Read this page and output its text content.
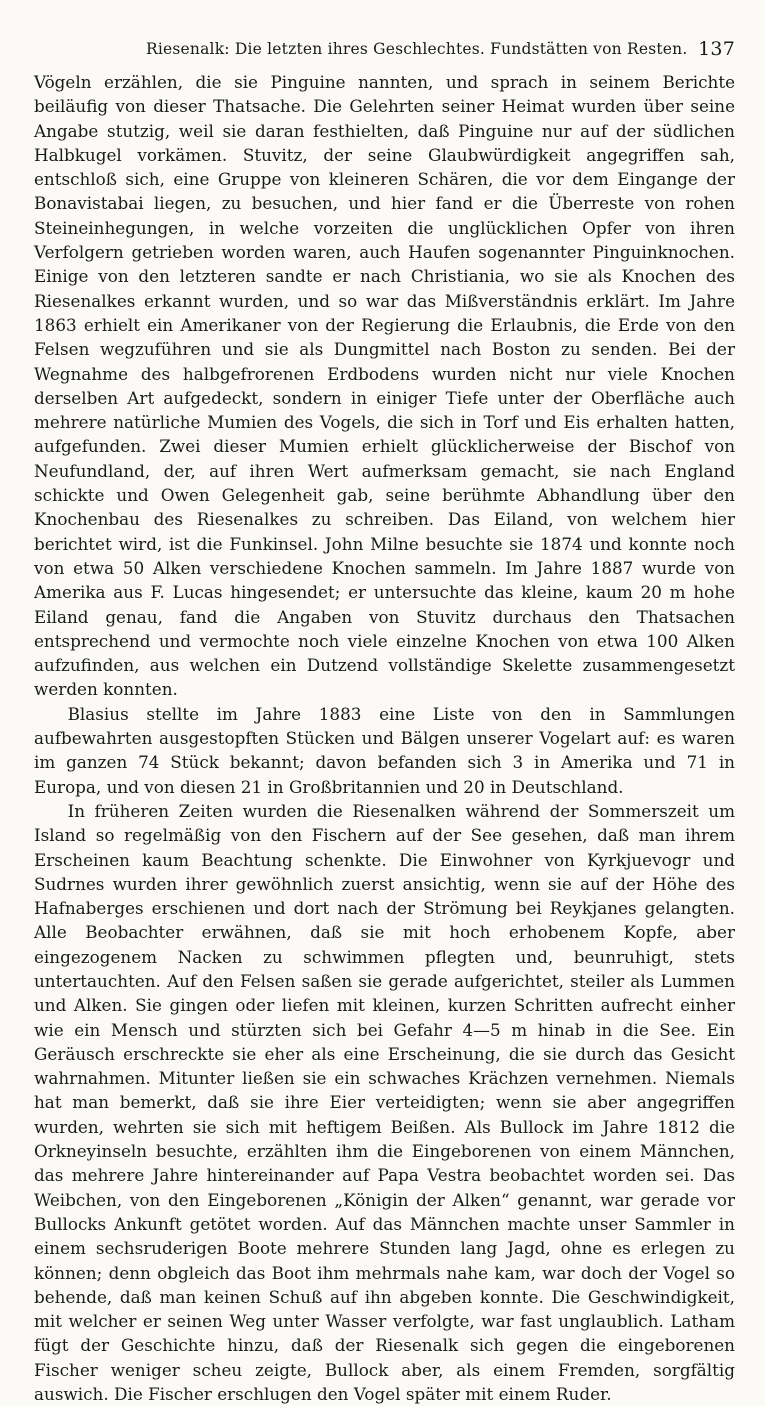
Riesenalk: Die letzten ihres Geschlechtes. Fundstätten von Resten. 137

Vögeln erzählen, die sie Pinguine nannten, und sprach in seinem Berichte beiläufig von dieser Thatsache. Die Gelehrten seiner Heimat wurden über seine Angabe stutzig, weil sie daran festhielten, daß Pinguine nur auf der südlichen Halbkugel vorkämen. Stuvitz, der seine Glaubwürdigkeit angegriffen sah, entschloß sich, eine Gruppe von kleineren Schären, die vor dem Eingange der Bonavistabai liegen, zu besuchen, und hier fand er die Überreste von rohen Steineinhegungen, in welche vorzeiten die unglücklichen Opfer von ihren Verfolgern getrieben worden waren, auch Haufen sogenannter Pinguinknochen. Einige von den letzteren sandte er nach Christiania, wo sie als Knochen des Riesenalkes erkannt wurden, und so war das Mißverständnis erklärt. Im Jahre 1863 erhielt ein Amerikaner von der Regierung die Erlaubnis, die Erde von den Felsen wegzuführen und sie als Dungmittel nach Boston zu senden. Bei der Wegnahme des halbgefrorenen Erdbodens wurden nicht nur viele Knochen derselben Art aufgedeckt, sondern in einiger Tiefe unter der Oberfläche auch mehrere natürliche Mumien des Vogels, die sich in Torf und Eis erhalten hatten, aufgefunden. Zwei dieser Mumien erhielt glücklicherweise der Bischof von Neufundland, der, auf ihren Wert aufmerksam gemacht, sie nach England schickte und Owen Gelegenheit gab, seine berühmte Abhandlung über den Knochenbau des Riesenalkes zu schreiben. Das Eiland, von welchem hier berichtet wird, ist die Funkinsel. John Milne besuchte sie 1874 und konnte noch von etwa 50 Alken verschiedene Knochen sammeln. Im Jahre 1887 wurde von Amerika aus F. Lucas hingesendet; er untersuchte das kleine, kaum 20 m hohe Eiland genau, fand die Angaben von Stuvitz durchaus den Thatsachen entsprechend und vermochte noch viele einzelne Knochen von etwa 100 Alken aufzufinden, aus welchen ein Dutzend vollständige Skelette zusammengesetzt werden konnten.

Blasius stellte im Jahre 1883 eine Liste von den in Sammlungen aufbewahrten ausgestopften Stücken und Bälgen unserer Vogelart auf: es waren im ganzen 74 Stück bekannt; davon befanden sich 3 in Amerika und 71 in Europa, und von diesen 21 in Großbritannien und 20 in Deutschland.

In früheren Zeiten wurden die Riesenalken während der Sommerszeit um Island so regelmäßig von den Fischern auf der See gesehen, daß man ihrem Erscheinen kaum Beachtung schenkte. Die Einwohner von Kyrkjuevogr und Sudrnes wurden ihrer gewöhnlich zuerst ansichtig, wenn sie auf der Höhe des Hafnaberges erschienen und dort nach der Strömung bei Reykjanes gelangten. Alle Beobachter erwähnen, daß sie mit hoch erhobenem Kopfe, aber eingezogenem Nacken zu schwimmen pflegten und, beunruhigt, stets untertauchten. Auf den Felsen saßen sie gerade aufgerichtet, steiler als Lummen und Alken. Sie gingen oder liefen mit kleinen, kurzen Schritten aufrecht einher wie ein Mensch und stürzten sich bei Gefahr 4—5 m hinab in die See. Ein Geräusch erschreckte sie eher als eine Erscheinung, die sie durch das Gesicht wahrnahmen. Mitunter ließen sie ein schwaches Krächzen vernehmen. Niemals hat man bemerkt, daß sie ihre Eier verteidigten; wenn sie aber angegriffen wurden, wehrten sie sich mit heftigem Beißen. Als Bullock im Jahre 1812 die Orkneyinseln besuchte, erzählten ihm die Eingeborenen von einem Männchen, das mehrere Jahre hintereinander auf Papa Vestra beobachtet worden sei. Das Weibchen, von den Eingeborenen „Königin der Alken“ genannt, war gerade vor Bullocks Ankunft getötet worden. Auf das Männchen machte unser Sammler in einem sechsruderigen Boote mehrere Stunden lang Jagd, ohne es erlegen zu können; denn obgleich das Boot ihm mehrmals nahe kam, war doch der Vogel so behende, daß man keinen Schuß auf ihn abgeben konnte. Die Geschwindigkeit, mit welcher er seinen Weg unter Wasser verfolgte, war fast unglaublich. Latham fügt der Geschichte hinzu, daß der Riesenalk sich gegen die eingeborenen Fischer weniger scheu zeigte, Bullock aber, als einem Fremden, sorgfältig auswich. Die Fischer erschlugen den Vogel später mit einem Ruder.
